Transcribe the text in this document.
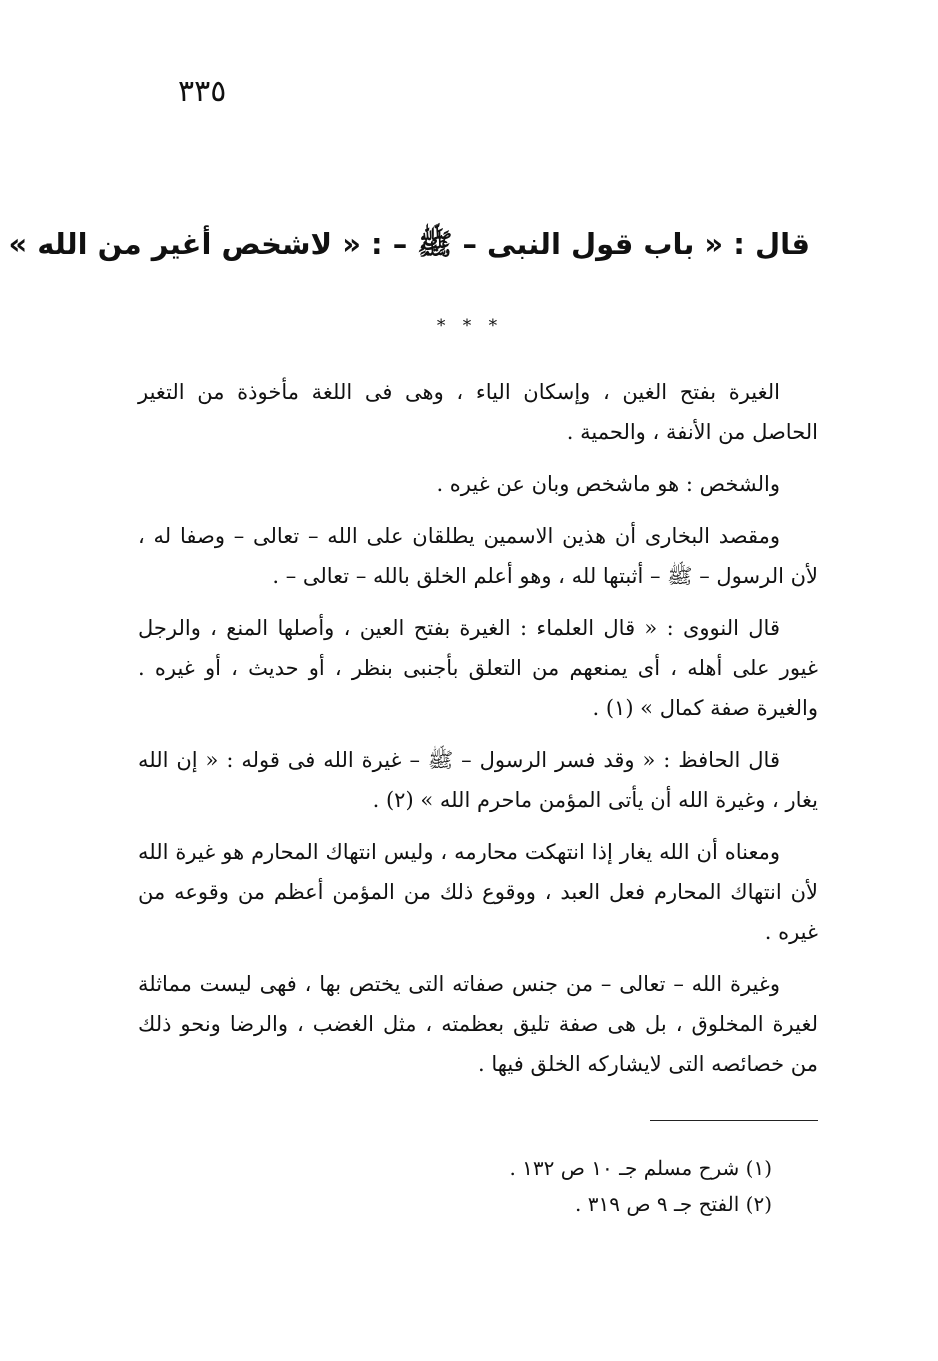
٣٣٥
قال : « باب قول النبى – ﷺ – : « لاشخص أغير من الله »
* * *

الغيرة بفتح الغين ، وإسكان الياء ، وهى فى اللغة مأخوذة من التغير الحاصل من الأنفة ، والحمية .

والشخص : هو ماشخص وبان عن غيره .

ومقصد البخارى أن هذين الاسمين يطلقان على الله – تعالى – وصفا له ، لأن الرسول – ﷺ – أثبتها لله ، وهو أعلم الخلق بالله – تعالى – .

قال النووى : « قال العلماء : الغيرة بفتح العين ، وأصلها المنع ، والرجل غيور على أهله ، أى يمنعهم من التعلق بأجنبى بنظر ، أو حديث ، أو غيره . والغيرة صفة كمال » (١) .

قال الحافظ : « وقد فسر الرسول – ﷺ – غيرة الله فى قوله : « إن الله يغار ، وغيرة الله أن يأتى المؤمن ماحرم الله » (٢) .

ومعناه أن الله يغار إذا انتهكت محارمه ، وليس انتهاك المحارم هو غيرة الله لأن انتهاك المحارم فعل العبد ، ووقوع ذلك من المؤمن أعظم من وقوعه من غيره .

وغيرة الله – تعالى – من جنس صفاته التى يختص بها ، فهى ليست مماثلة لغيرة المخلوق ، بل هى صفة تليق بعظمته ، مثل الغضب ، والرضا ونحو ذلك من خصائصه التى لايشاركه الخلق فيها .

(١) شرح مسلم جـ ١٠ ص ١٣٢ .
(٢) الفتح جـ ٩ ص ٣١٩ .
